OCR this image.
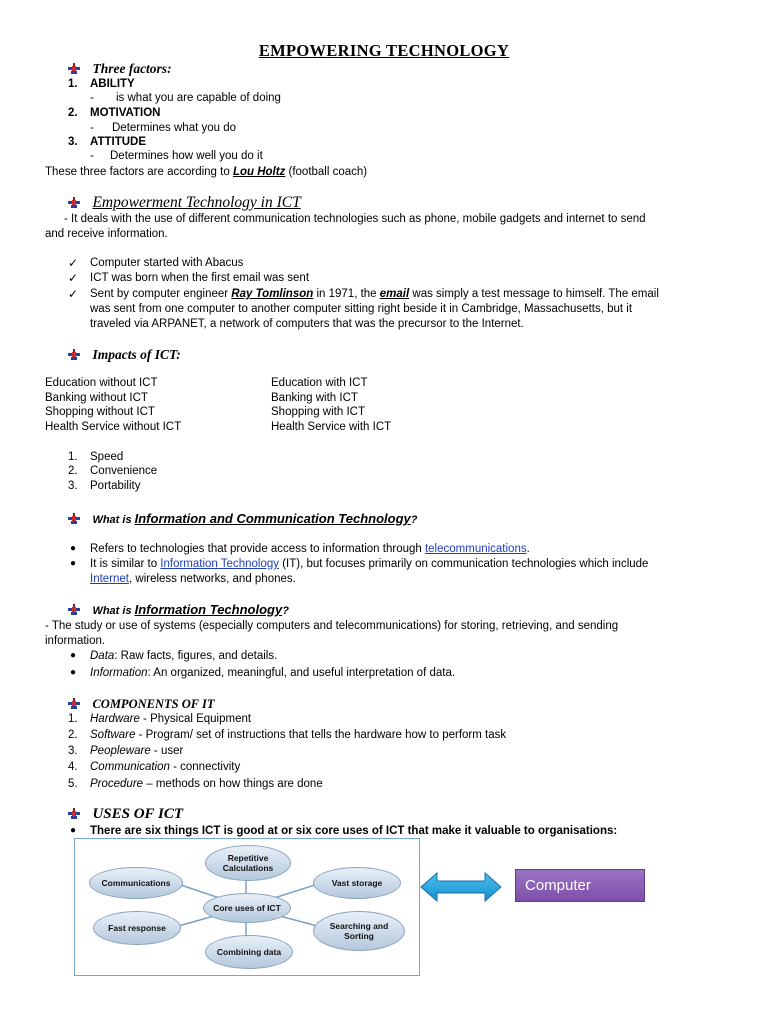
EMPOWERING TECHNOLOGY
Three factors:
1. ABILITY
- is what you are capable of doing
2. MOTIVATION
- Determines what you do
3. ATTITUDE
- Determines how well you do it
These three factors are according to Lou Holtz (football coach)
Empowerment Technology in ICT
- It deals with the use of different communication technologies such as phone, mobile gadgets and internet to send
and receive information.
✓ Computer started with Abacus
✓ ICT was born when the first email was sent
✓ Sent by computer engineer Ray Tomlinson in 1971, the email was simply a test message to himself. The email
was sent from one computer to another computer sitting right beside it in Cambridge, Massachusetts, but it
traveled via ARPANET, a network of computers that was the precursor to the Internet.
Impacts of ICT:
Education without ICT
Banking without ICT
Shopping without ICT
Health Service without ICT
Education with ICT
Banking with ICT
Shopping with ICT
Health Service with ICT
1. Speed
2. Convenience
3. Portability
What is Information and Communication Technology?
● Refers to technologies that provide access to information through telecommunications.
● It is similar to Information Technology (IT), but focuses primarily on communication technologies which include
Internet, wireless networks, and phones.
What is Information Technology?
- The study or use of systems (especially computers and telecommunications) for storing, retrieving, and sending
information.
● Data: Raw facts, figures, and details.
● Information: An organized, meaningful, and useful interpretation of data.
COMPONENTS OF IT
1. Hardware - Physical Equipment
2. Software - Program/ set of instructions that tells the hardware how to perform task
3. Peopleware - user
4. Communication - connectivity
5. Procedure – methods on how things are done
USES OF ICT
● There are six things ICT is good at or six core uses of ICT that make it valuable to organisations:
Repetitive Calculations
Communications	Vast storage
Core uses of ICT
Fast response	Searching and Sorting
Combining data
Computer
